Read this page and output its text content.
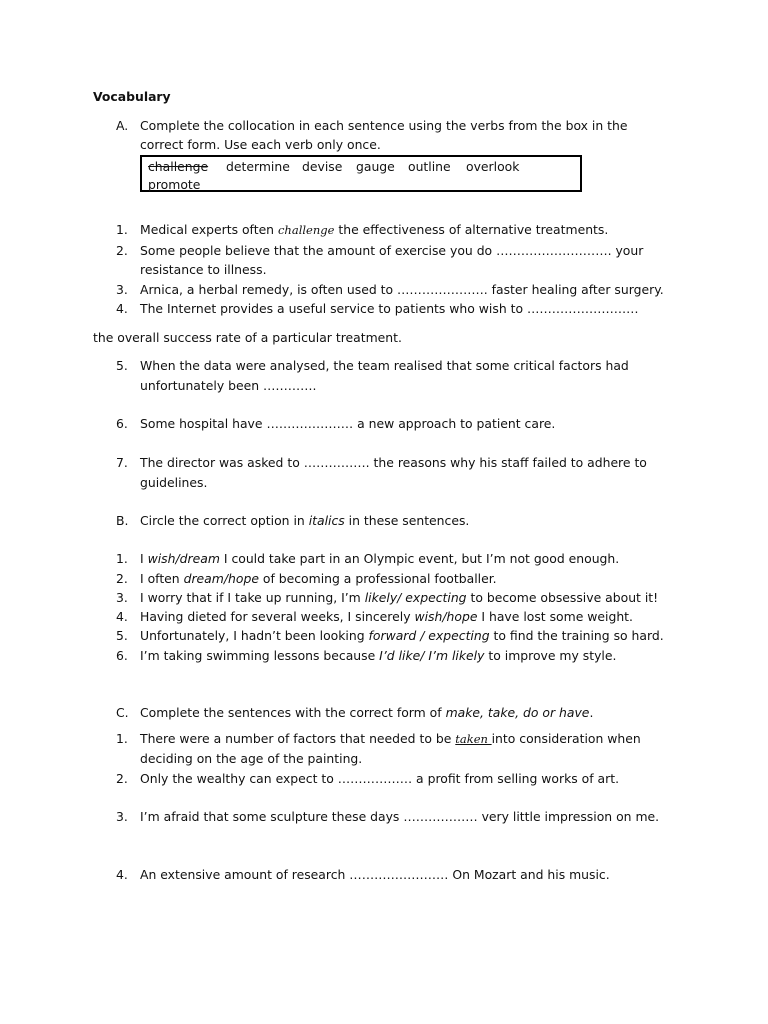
Vocabulary
A. Complete the collocation in each sentence using the verbs from the box in the
correct form. Use each verb only once.
challenge determine devise gauge outline overlook
promote
1. Medical experts often challenge the effectiveness of alternative treatments.
2. Some people believe that the amount of exercise you do ………………………. your
resistance to illness.
3. Arnica, a herbal remedy, is often used to …………………. faster healing after surgery.
4. The Internet provides a useful service to patients who wish to ………………………
the overall success rate of a particular treatment.
5. When the data were analysed, the team realised that some critical factors had
unfortunately been ………….
6. Some hospital have ………………… a new approach to patient care.
7. The director was asked to ……………. the reasons why his staff failed to adhere to
guidelines.
B. Circle the correct option in italics in these sentences.
1. I wish/dream I could take part in an Olympic event, but I’m not good enough.
2. I often dream/hope of becoming a professional footballer.
3. I worry that if I take up running, I’m likely/ expecting to become obsessive about it!
4. Having dieted for several weeks, I sincerely wish/hope I have lost some weight.
5. Unfortunately, I hadn’t been looking forward / expecting to find the training so hard.
6. I’m taking swimming lessons because I’d like/ I’m likely to improve my style.
C. Complete the sentences with the correct form of make, take, do or have.
1. There were a number of factors that needed to be taken into consideration when
deciding on the age of the painting.
2. Only the wealthy can expect to ……………… a profit from selling works of art.
3. I’m afraid that some sculpture these days ……………… very little impression on me.
4. An extensive amount of research …………………… On Mozart and his music.
